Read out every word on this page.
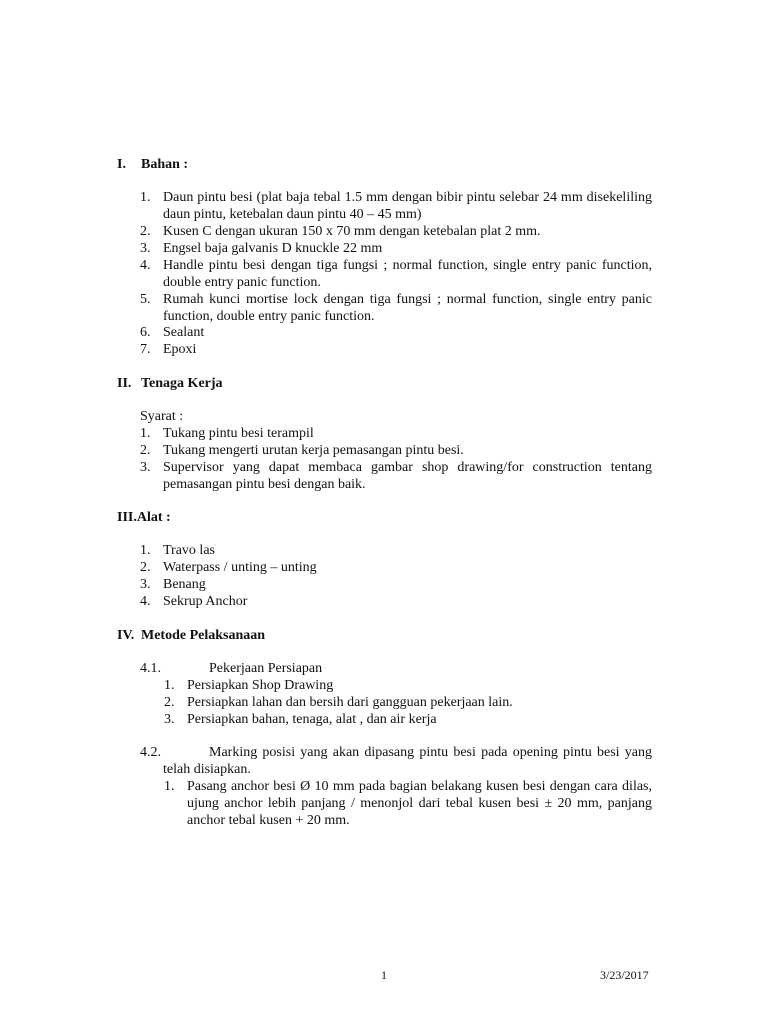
I. Bahan :
1. Daun pintu besi (plat baja tebal 1.5 mm dengan bibir pintu selebar 24 mm disekeliling daun pintu, ketebalan daun pintu 40 – 45 mm)
2. Kusen C dengan ukuran 150 x 70 mm dengan ketebalan plat 2 mm.
3. Engsel baja galvanis D knuckle 22 mm
4. Handle pintu besi dengan tiga fungsi ; normal function, single entry panic function, double entry panic function.
5. Rumah kunci mortise lock dengan tiga fungsi ; normal function, single entry panic function, double entry panic function.
6. Sealant
7. Epoxi
II. Tenaga Kerja
Syarat :
1. Tukang pintu besi terampil
2. Tukang mengerti urutan kerja pemasangan pintu besi.
3. Supervisor yang dapat membaca gambar shop drawing/for construction tentang pemasangan pintu besi dengan baik.
III.Alat :
1. Travo las
2. Waterpass / unting – unting
3. Benang
4. Sekrup Anchor
IV. Metode Pelaksanaan
4.1.	Pekerjaan Persiapan
1. Persiapkan Shop Drawing
2. Persiapkan lahan dan bersih dari gangguan pekerjaan lain.
3. Persiapkan bahan, tenaga, alat , dan air kerja
4.2.	Marking posisi yang akan dipasang pintu besi pada opening pintu besi yang telah disiapkan.
1. Pasang anchor besi Ø 10 mm pada bagian belakang kusen besi dengan cara dilas, ujung anchor lebih panjang / menonjol dari tebal kusen besi ± 20 mm, panjang anchor tebal kusen + 20 mm.
1	3/23/2017
